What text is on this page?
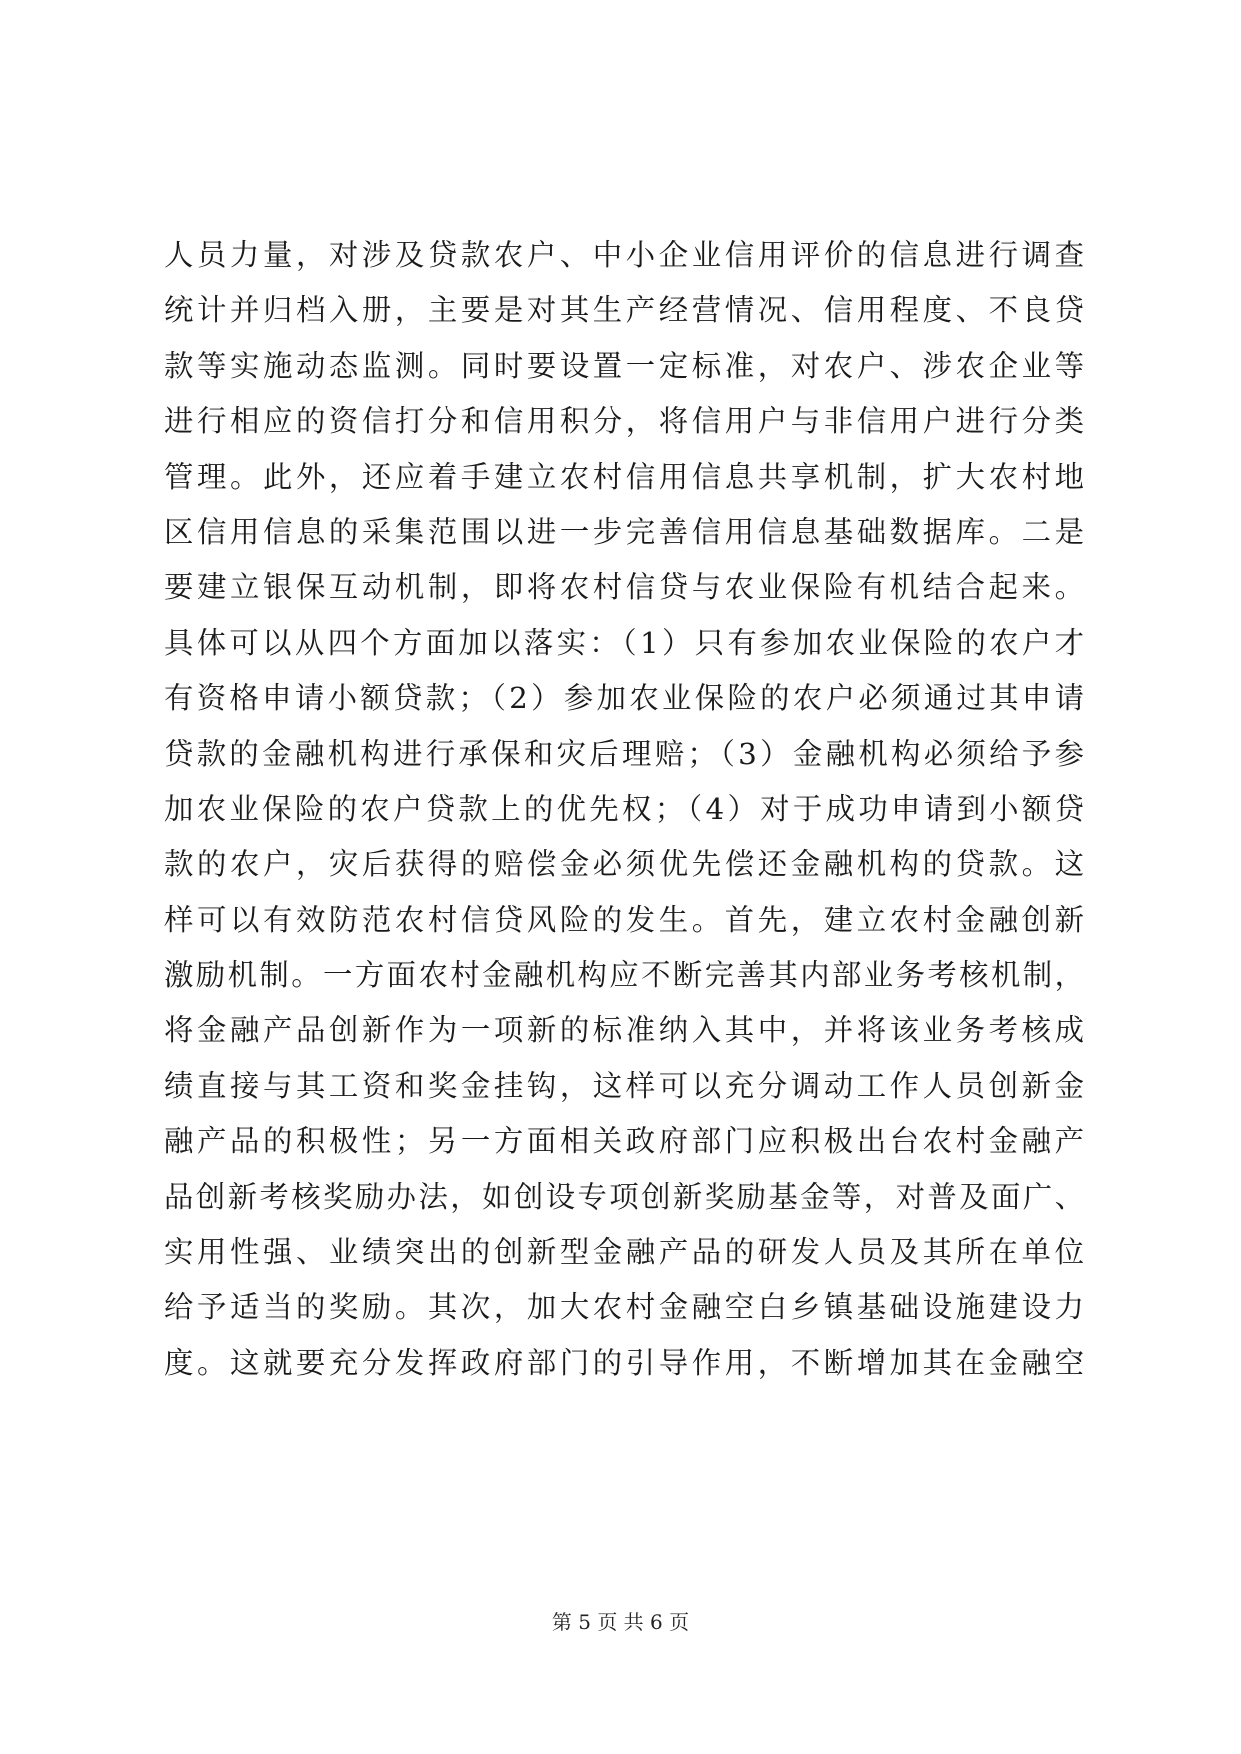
人员力量，对涉及贷款农户、中小企业信用评价的信息进行调查
统计并归档入册，主要是对其生产经营情况、信用程度、不良贷
款等实施动态监测。同时要设置一定标准，对农户、涉农企业等
进行相应的资信打分和信用积分，将信用户与非信用户进行分类
管理。此外，还应着手建立农村信用信息共享机制，扩大农村地
区信用信息的采集范围以进一步完善信用信息基础数据库。二是
要建立银保互动机制，即将农村信贷与农业保险有机结合起来。
具体可以从四个方面加以落实：（1）只有参加农业保险的农户才
有资格申请小额贷款；（2）参加农业保险的农户必须通过其申请
贷款的金融机构进行承保和灾后理赔；（3）金融机构必须给予参
加农业保险的农户贷款上的优先权；（4）对于成功申请到小额贷
款的农户，灾后获得的赔偿金必须优先偿还金融机构的贷款。这
样可以有效防范农村信贷风险的发生。首先，建立农村金融创新
激励机制。一方面农村金融机构应不断完善其内部业务考核机制，
将金融产品创新作为一项新的标准纳入其中，并将该业务考核成
绩直接与其工资和奖金挂钩，这样可以充分调动工作人员创新金
融产品的积极性；另一方面相关政府部门应积极出台农村金融产
品创新考核奖励办法，如创设专项创新奖励基金等，对普及面广、
实用性强、业绩突出的创新型金融产品的研发人员及其所在单位
给予适当的奖励。其次，加大农村金融空白乡镇基础设施建设力
度。这就要充分发挥政府部门的引导作用，不断增加其在金融空
第 5 页 共 6 页
